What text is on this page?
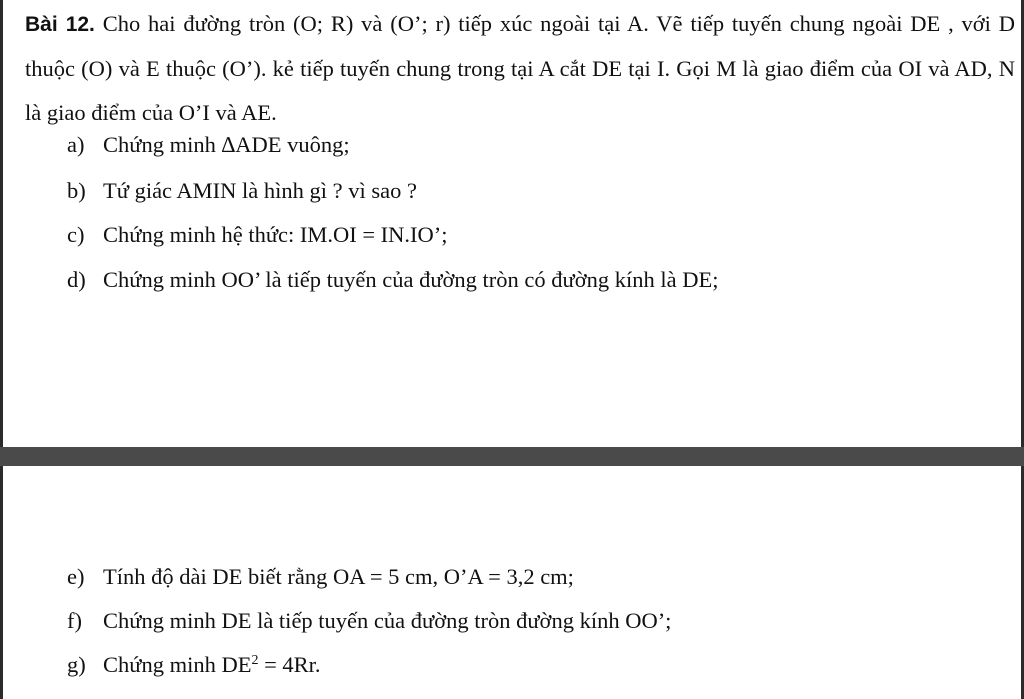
Bài 12. Cho hai đường tròn (O; R) và (O’; r) tiếp xúc ngoài tại A. Vẽ tiếp tuyến chung ngoài DE , với D thuộc (O) và E thuộc (O’). kẻ tiếp tuyến chung trong tại A cắt DE tại I. Gọi M là giao điểm của OI và AD, N là giao điểm của O’I và AE.
a) Chứng minh ∆ADE vuông;
b) Tứ giác AMIN là hình gì ? vì sao ?
c) Chứng minh hệ thức: IM.OI = IN.IO’;
d) Chứng minh OO’ là tiếp tuyến của đường tròn có đường kính là DE;
e) Tính độ dài DE biết rằng OA = 5 cm, O’A = 3,2 cm;
f) Chứng minh DE là tiếp tuyến của đường tròn đường kính OO’;
g) Chứng minh $DE^2 = 4Rr$.
